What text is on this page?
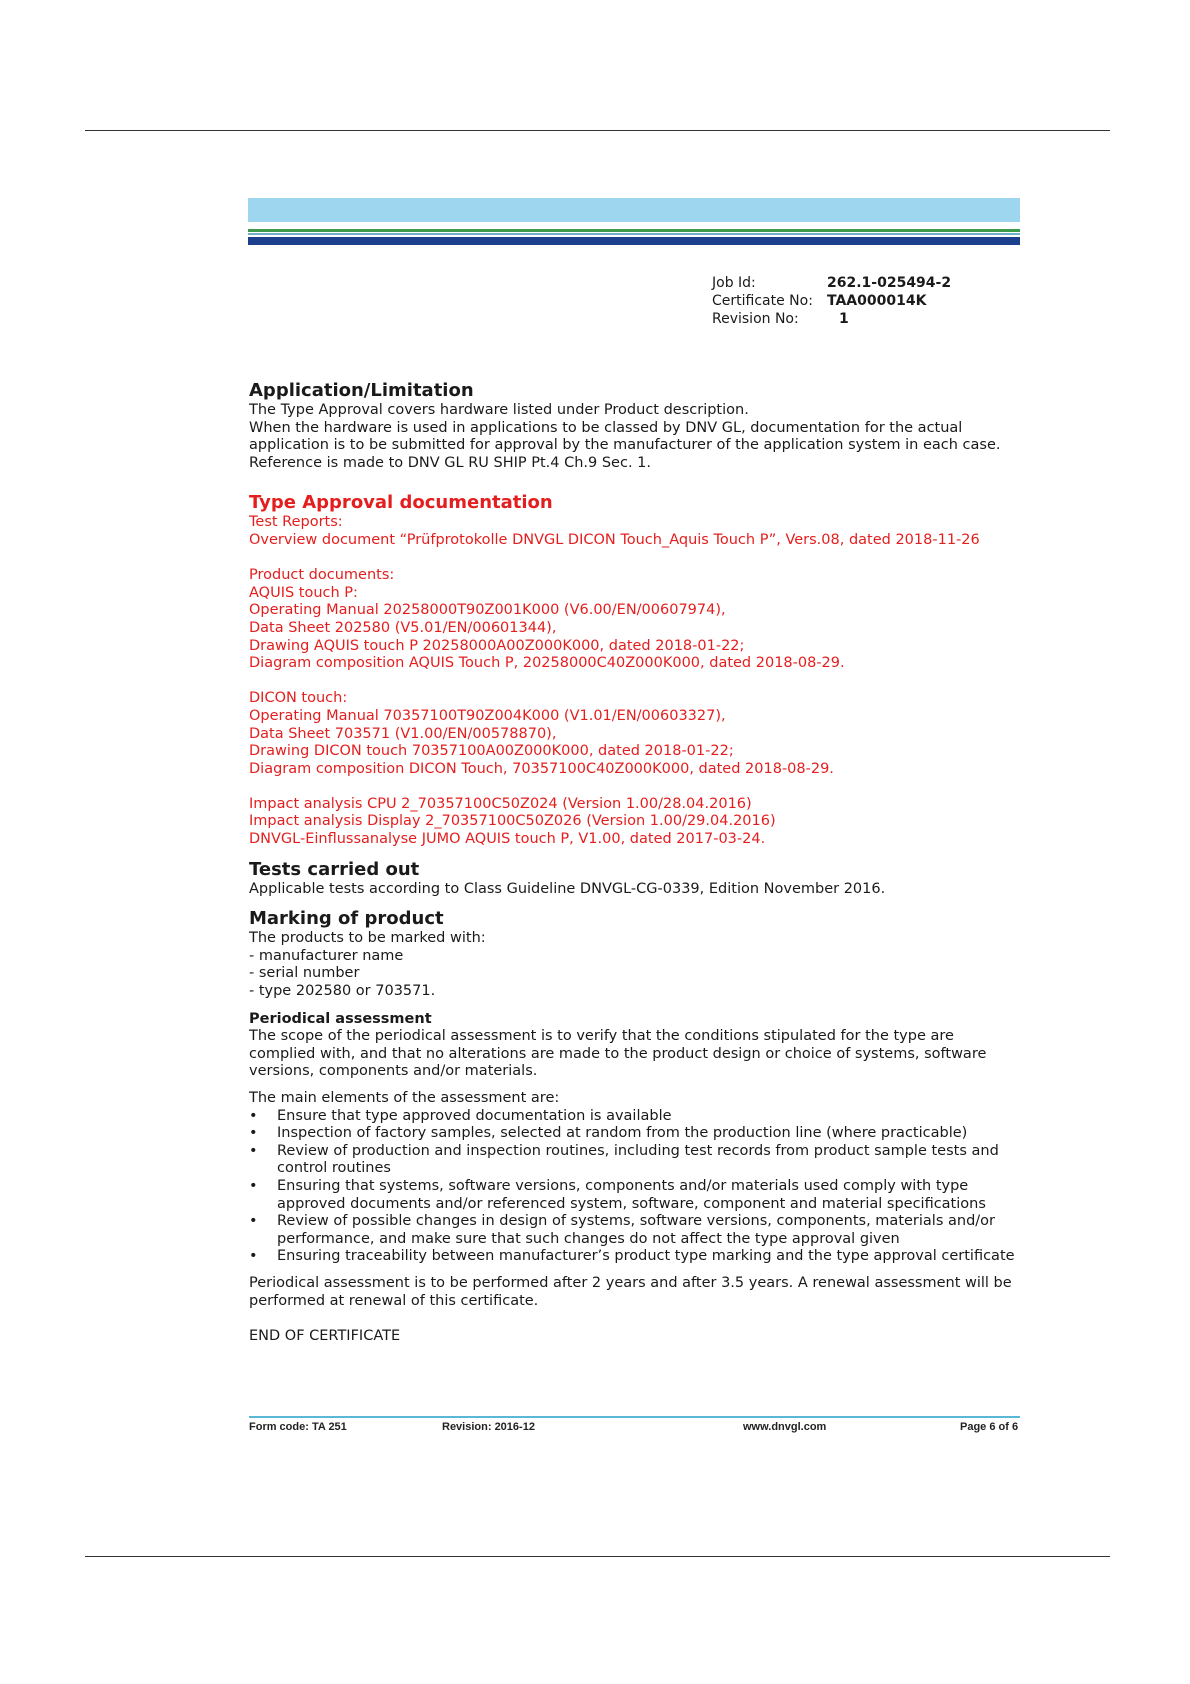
Job Id:	262.1-025494-2
Certificate No:	TAA000014K
Revision No:	1
Application/Limitation

The Type Approval covers hardware listed under Product description.

When the hardware is used in applications to be classed by DNV GL, documentation for the actual

application is to be submitted for approval by the manufacturer of the application system in each case.

Reference is made to DNV GL RU SHIP Pt.4 Ch.9 Sec. 1.

Type Approval documentation

Test Reports:

Overview document “Prüfprotokolle DNVGL DICON Touch_Aquis Touch P”, Vers.08, dated 2018-11-26

Product documents:

AQUIS touch P:

Operating Manual 20258000T90Z001K000 (V6.00/EN/00607974),

Data Sheet 202580 (V5.01/EN/00601344),

Drawing AQUIS touch P 20258000A00Z000K000, dated 2018-01-22;

Diagram composition AQUIS Touch P, 20258000C40Z000K000, dated 2018-08-29.

DICON touch:

Operating Manual 70357100T90Z004K000 (V1.01/EN/00603327),

Data Sheet 703571 (V1.00/EN/00578870),

Drawing DICON touch 70357100A00Z000K000, dated 2018-01-22;

Diagram composition DICON Touch, 70357100C40Z000K000, dated 2018-08-29.

Impact analysis CPU 2_70357100C50Z024 (Version 1.00/28.04.2016)

Impact analysis Display 2_70357100C50Z026 (Version 1.00/29.04.2016)

DNVGL-Einflussanalyse JUMO AQUIS touch P, V1.00, dated 2017-03-24.

Tests carried out

Applicable tests according to Class Guideline DNVGL-CG-0339, Edition November 2016.

Marking of product

The products to be marked with:

- manufacturer name

- serial number

- type 202580 or 703571.

Periodical assessment

The scope of the periodical assessment is to verify that the conditions stipulated for the type are

complied with, and that no alterations are made to the product design or choice of systems, software

versions, components and/or materials.

The main elements of the assessment are:

• Ensure that type approved documentation is available
• Inspection of factory samples, selected at random from the production line (where practicable)
• Review of production and inspection routines, including test records from product sample tests and
control routines
• Ensuring that systems, software versions, components and/or materials used comply with type
approved documents and/or referenced system, software, component and material specifications
• Review of possible changes in design of systems, software versions, components, materials and/or
performance, and make sure that such changes do not affect the type approval given
• Ensuring traceability between manufacturer’s product type marking and the type approval certificate

Periodical assessment is to be performed after 2 years and after 3.5 years. A renewal assessment will be

performed at renewal of this certificate.

END OF CERTIFICATE

Form code: TA 251	Revision: 2016-12	www.dnvgl.com	Page 6 of 6
